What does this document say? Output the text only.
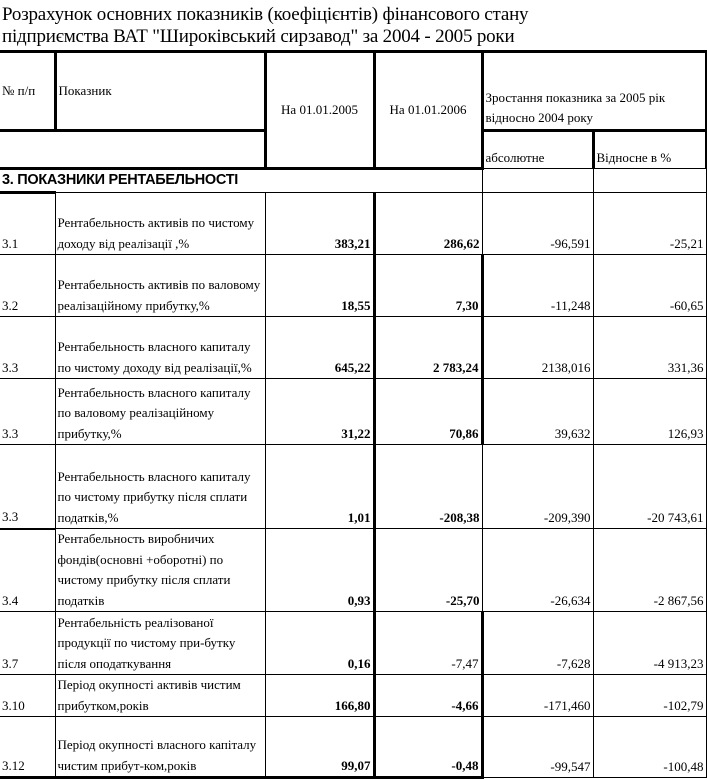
Розрахунок основних показників (коефіцієнтів) фінансового стану
підприємства ВАТ "Широківський сирзавод" за 2004 - 2005 роки
№ п/п	Показник	На 01.01.2005	На 01.01.2006	Зростання показника за 2005 рік відносно 2004 року	
				абсолютне	Відносне в %
3. ПОКАЗНИКИ РЕНТАБЕЛЬНОСТІ					
3.1	Рентабельность активів по чистому доходу від реалізації ,%	383,21	286,62	-96,591	-25,21
3.2	Рентабельность активів по валовому реалізаційному прибутку,%	18,55	7,30	-11,248	-60,65
3.3	Рентабельность власного капиталу по чистому доходу від реалізації,%	645,22	2 783,24	2138,016	331,36
3.3	Рентабельность власного капиталу по валовому реалізаційному прибутку,%	31,22	70,86	39,632	126,93
3.3	Рентабельность власного капиталу по чистому прибутку після сплати податків,%	1,01	-208,38	-209,390	-20 743,61
3.4	Рентабельность виробничих фондів(основні +оборотні) по чистому прибутку після сплати податків	0,93	-25,70	-26,634	-2 867,56
3.7	Рентабельність реалізованої продукції по чистому при-бутку після оподаткування	0,16	-7,47	-7,628	-4 913,23
3.10	Період окупності активів чистим прибутком,років	166,80	-4,66	-171,460	-102,79
3.12	Період окупності власного капіталу чистим прибут-ком,років	99,07	-0,48	-99,547	-100,48
